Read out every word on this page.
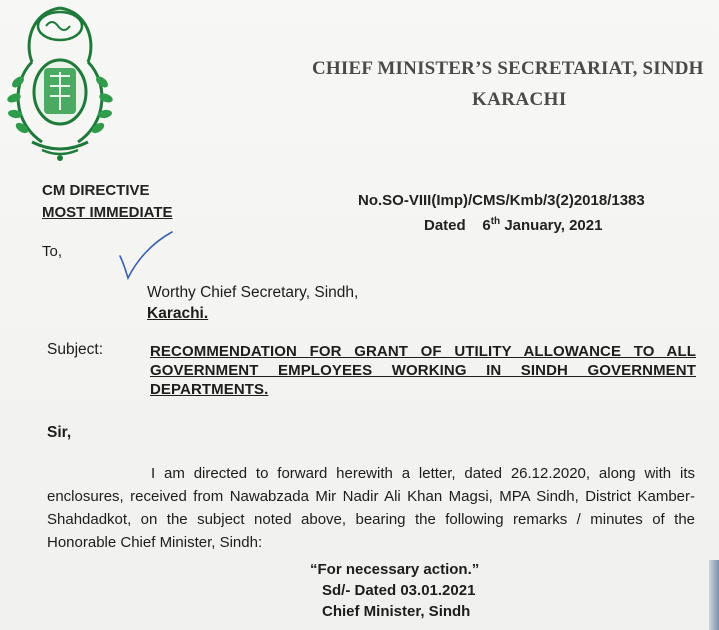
CHIEF MINISTER’S SECRETARIAT, SINDH
KARACHI
CM DIRECTIVE
MOST IMMEDIATE
No.SO-VIII(Imp)/CMS/Kmb/3(2)2018/1383
Dated 6th January, 2021
To,
Worthy Chief Secretary, Sindh,
Karachi.
Subject:	RECOMMENDATION FOR GRANT OF UTILITY ALLOWANCE TO ALL GOVERNMENT EMPLOYEES WORKING IN SINDH GOVERNMENT DEPARTMENTS.
Sir,
I am directed to forward herewith a letter, dated 26.12.2020, along with its enclosures, received from Nawabzada Mir Nadir Ali Khan Magsi, MPA Sindh, District Kamber-Shahdadkot, on the subject noted above, bearing the following remarks / minutes of the Honorable Chief Minister, Sindh:
“For necessary action.”
Sd/- Dated 03.01.2021
Chief Minister, Sindh
